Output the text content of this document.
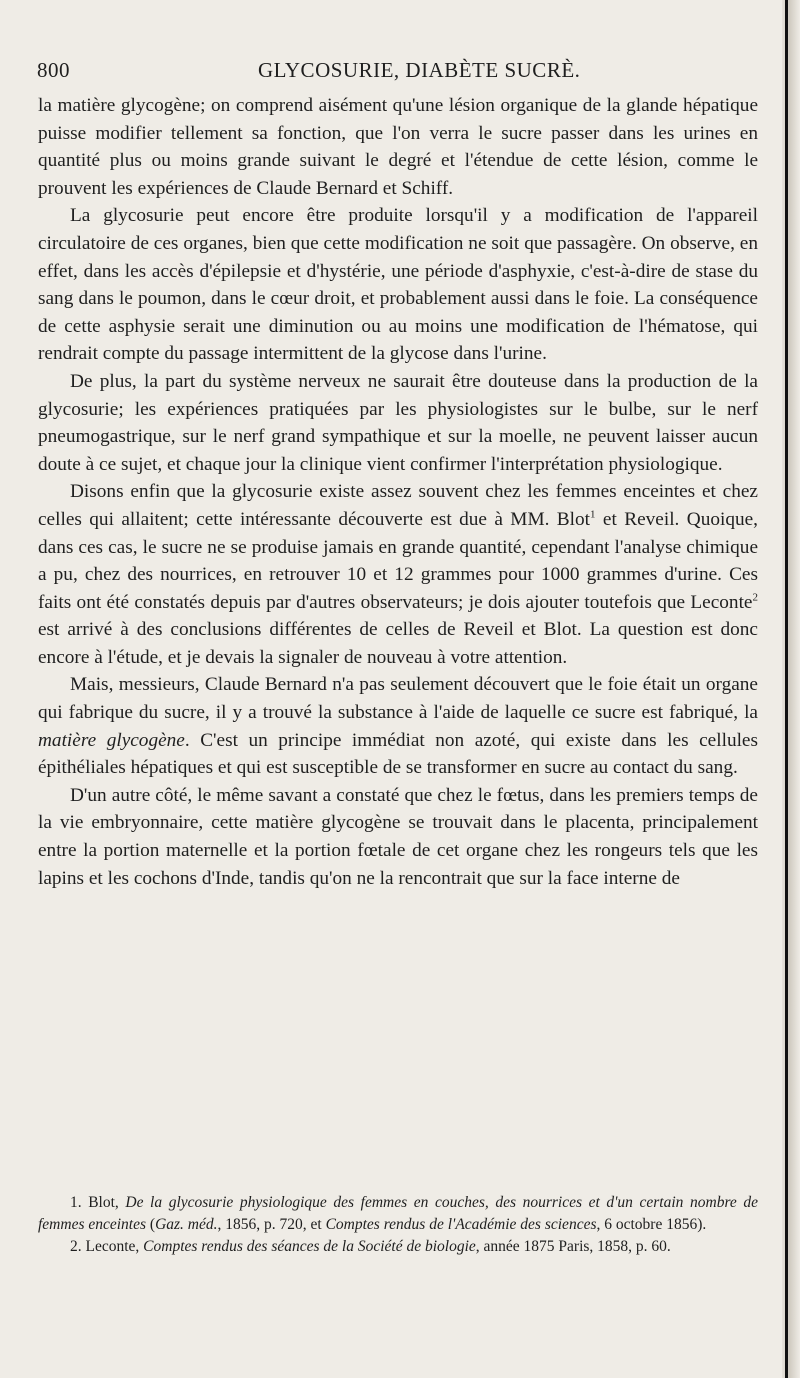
800	GLYCOSURIE, DIABÈTE SUCRÈ.

la matière glycogène; on comprend aisément qu'une lésion organique de la glande hépatique puisse modifier tellement sa fonction, que l'on verra le sucre passer dans les urines en quantité plus ou moins grande suivant le degré et l'étendue de cette lésion, comme le prouvent les expériences de Claude Bernard et Schiff.

La glycosurie peut encore être produite lorsqu'il y a modification de l'appareil circulatoire de ces organes, bien que cette modification ne soit que passagère. On observe, en effet, dans les accès d'épilepsie et d'hystérie, une période d'asphyxie, c'est-à-dire de stase du sang dans le poumon, dans le cœur droit, et probablement aussi dans le foie. La conséquence de cette asphysie serait une diminution ou au moins une modification de l'hématose, qui rendrait compte du passage intermittent de la glycose dans l'urine.

De plus, la part du système nerveux ne saurait être douteuse dans la production de la glycosurie; les expériences pratiquées par les physiologistes sur le bulbe, sur le nerf pneumogastrique, sur le nerf grand sympathique et sur la moelle, ne peuvent laisser aucun doute à ce sujet, et chaque jour la clinique vient confirmer l'interprétation physiologique.

Disons enfin que la glycosurie existe assez souvent chez les femmes enceintes et chez celles qui allaitent; cette intéressante découverte est due à MM. Blot$^1$ et Reveil. Quoique, dans ces cas, le sucre ne se produise jamais en grande quantité, cependant l'analyse chimique a pu, chez des nourrices, en retrouver 10 et 12 grammes pour 1000 grammes d'urine. Ces faits ont été constatés depuis par d'autres observateurs; je dois ajouter toutefois que Leconte$^2$ est arrivé à des conclusions différentes de celles de Reveil et Blot. La question est donc encore à l'étude, et je devais la signaler de nouveau à votre attention.

Mais, messieurs, Claude Bernard n'a pas seulement découvert que le foie était un organe qui fabrique du sucre, il y a trouvé la substance à l'aide de laquelle ce sucre est fabriqué, la matière glycogène. C'est un principe immédiat non azoté, qui existe dans les cellules épithéliales hépatiques et qui est susceptible de se transformer en sucre au contact du sang.

D'un autre côté, le même savant a constaté que chez le fœtus, dans les premiers temps de la vie embryonnaire, cette matière glycogène se trouvait dans le placenta, principalement entre la portion maternelle et la portion fœtale de cet organe chez les rongeurs tels que les lapins et les cochons d'Inde, tandis qu'on ne la rencontrait que sur la face interne de

1. Blot, De la glycosurie physiologique des femmes en couches, des nourrices et d'un certain nombre de femmes enceintes (Gaz. méd., 1856, p. 720, et Comptes rendus de l'Académie des sciences, 6 octobre 1856).

2. Leconte, Comptes rendus des séances de la Société de biologie, année 1875 Paris, 1858, p. 60.
